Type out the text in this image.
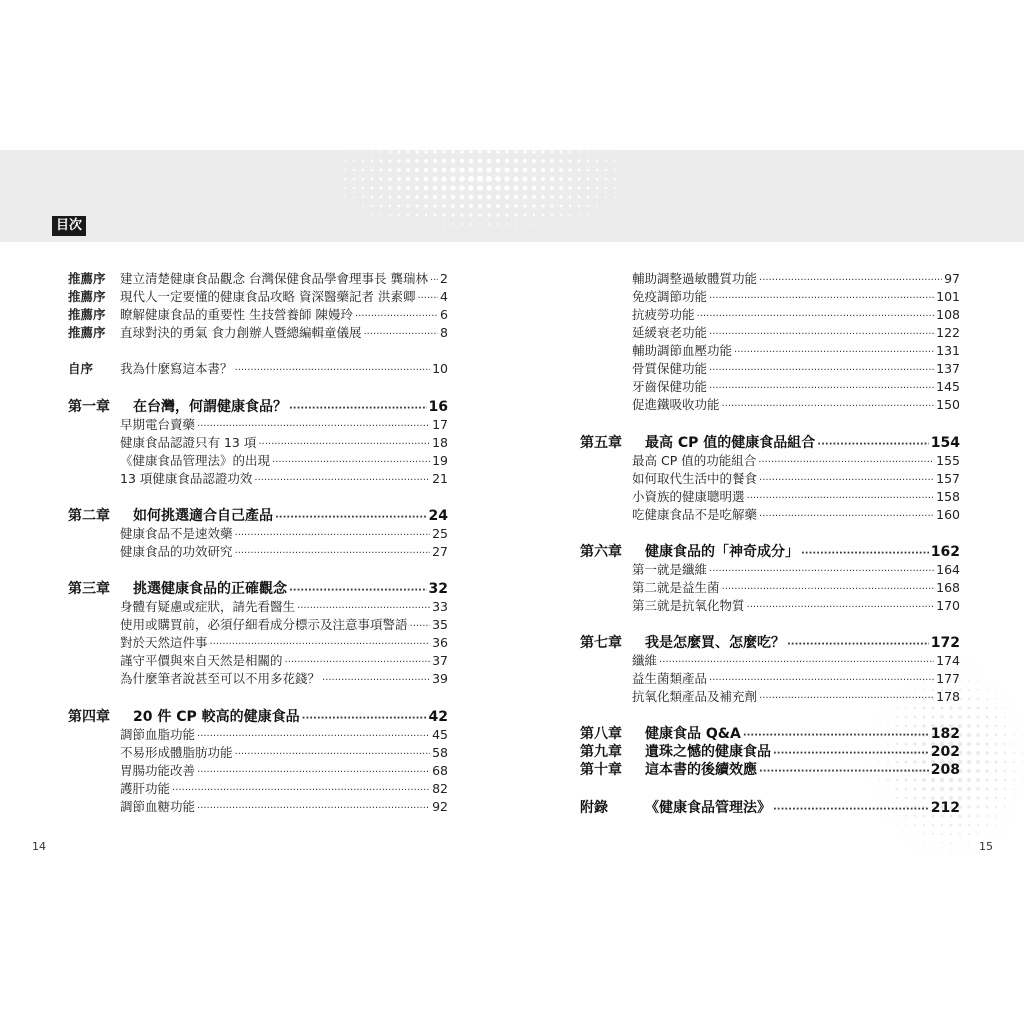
目次
推薦序	建立清楚健康食品觀念 台灣保健食品學會理事長 龔瑞林 ····· 2
推薦序	現代人一定要懂的健康食品攻略 資深醫藥記者 洪素卿 ····· 4
推薦序	瞭解健康食品的重要性 生技營養師 陳嫚玲 ·····	6
推薦序	直球對決的勇氣 食力創辦人暨總編輯童儀展 ·····	8
自序	我為什麼寫這本書？ ·····	10
第一章	在台灣，何謂健康食品？ ·····	16
早期電台賣藥 ·····	17
健康食品認證只有 13 項 ·····	18
《健康食品管理法》的出現 ·····	19
13 項健康食品認證功效 ·····	21
第二章	如何挑選適合自己產品 ·····	24
健康食品不是速效藥 ·····	25
健康食品的功效研究 ·····	27
第三章	挑選健康食品的正確觀念 ·····	32
身體有疑慮或症狀，請先看醫生 ·····	33
使用或購買前，必須仔細看成分標示及注意事項警語 ····· 35
對於天然這件事 ·····	36
謹守平價與來自天然是相關的 ·····	37
為什麼筆者說甚至可以不用多花錢？ ·····	39
第四章	20 件 CP 較高的健康食品 ·····	42
調節血脂功能 ·····	45
不易形成體脂肪功能 ·····	58
胃腸功能改善 ·····	68
護肝功能 ·····	82
調節血糖功能 ·····	92
輔助調整過敏體質功能 ·····	97
免疫調節功能 ·····	101
抗疲勞功能 ·····	108
延緩衰老功能 ·····	122
輔助調節血壓功能 ·····	131
骨質保健功能 ·····	137
牙齒保健功能 ·····	145
促進鐵吸收功能 ·····	150
第五章	最高 CP 值的健康食品組合 ·····	154
最高 CP 值的功能組合 ·····	155
如何取代生活中的餐食 ·····	157
小資族的健康聰明選 ·····	158
吃健康食品不是吃解藥 ·····	160
第六章	健康食品的「神奇成分」 ·····	162
第一就是纖維 ·····	164
第二就是益生菌 ·····	168
第三就是抗氧化物質 ·····	170
第七章	我是怎麼買、怎麼吃？ ·····	172
纖維 ·····	174
益生菌類產品 ·····	177
抗氧化類產品及補充劑 ·····	178
第八章	健康食品 Q&A ·····	182
第九章	遺珠之憾的健康食品 ·····	202
第十章	這本書的後續效應 ·····	208
附錄	《健康食品管理法》 ·····	212
14	15
